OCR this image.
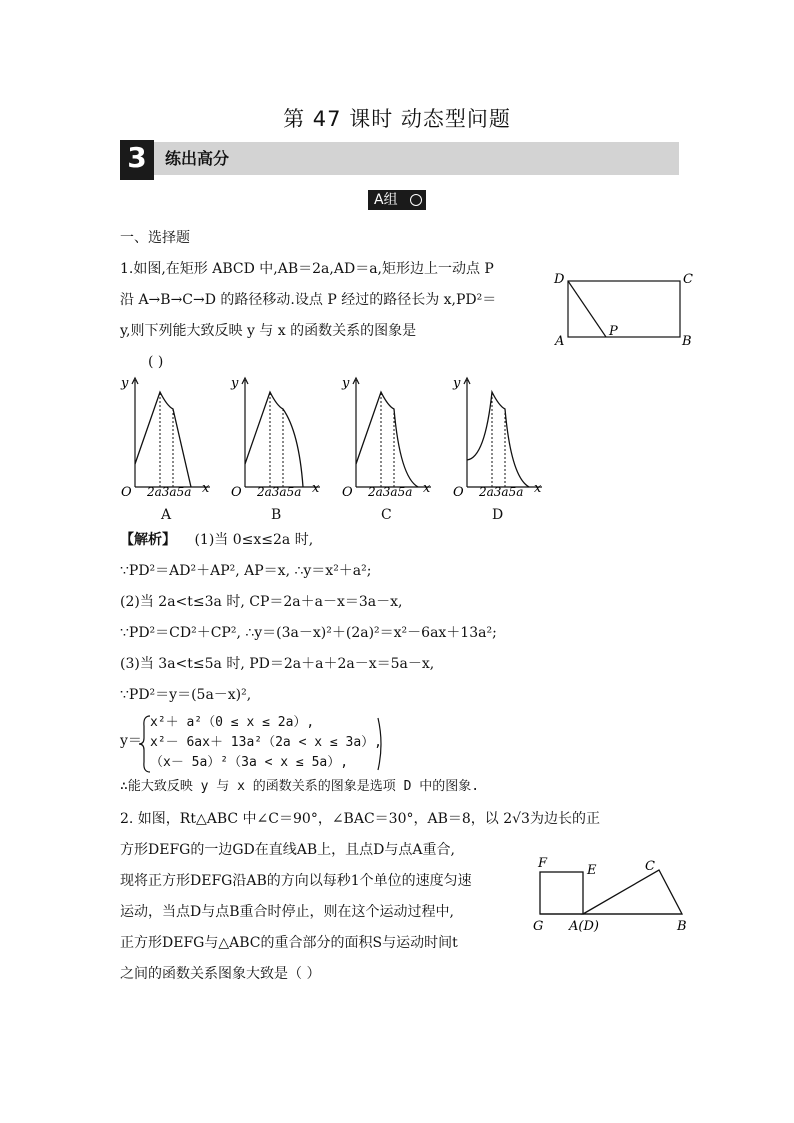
第 47 课时 动态型问题
3	练出高分
A组
一、选择题
1.如图,在矩形 ABCD 中,AB＝2a,AD＝a,矩形边上一动点 P
沿 A→B→C→D 的路径移动.设点 P 经过的路径长为 x,PD²＝
y,则下列能大致反映 y 与 x 的函数关系的图象是
( )
D	C
A	B
P
y
O	x
2a3a5a
y
O	x
2a3a5a
y
O	x
2a3a5a
y
O	x
2a3a5a
A	B	C	D
【解析】 (1)当 0≤x≤2a 时,
∵PD²＝AD²＋AP², AP＝x, ∴y＝x²＋a²;
(2)当 2a<t≤3a 时, CP＝2a＋a－x＝3a－x,
∵PD²＝CD²＋CP², ∴y＝(3a－x)²＋(2a)²＝x²－6ax＋13a²;
(3)当 3a<t≤5a 时, PD＝2a＋a＋2a－x＝5a－x,
∵PD²＝y＝(5a－x)²,
y＝
x²＋ a²（0 ≤ x ≤ 2a）,
x²－ 6ax＋ 13a²（2a < x ≤ 3a）,
（x－ 5a）²（3a < x ≤ 5a）,
∴能大致反映 y 与 x 的函数关系的图象是选项 D 中的图象.
2. 如图，Rt△ABC 中∠C＝90°，∠BAC＝30°，AB＝8，以 2√3为边长的正
方形DEFG的一边GD在直线AB上，且点D与点A重合,
现将正方形DEFG沿AB的方向以每秒1个单位的速度匀速
运动，当点D与点B重合时停止，则在这个运动过程中,
正方形DEFG与△ABC的重合部分的面积S与运动时间t
之间的函数关系图象大致是（ ）
F	E	C
G A(D)	B
